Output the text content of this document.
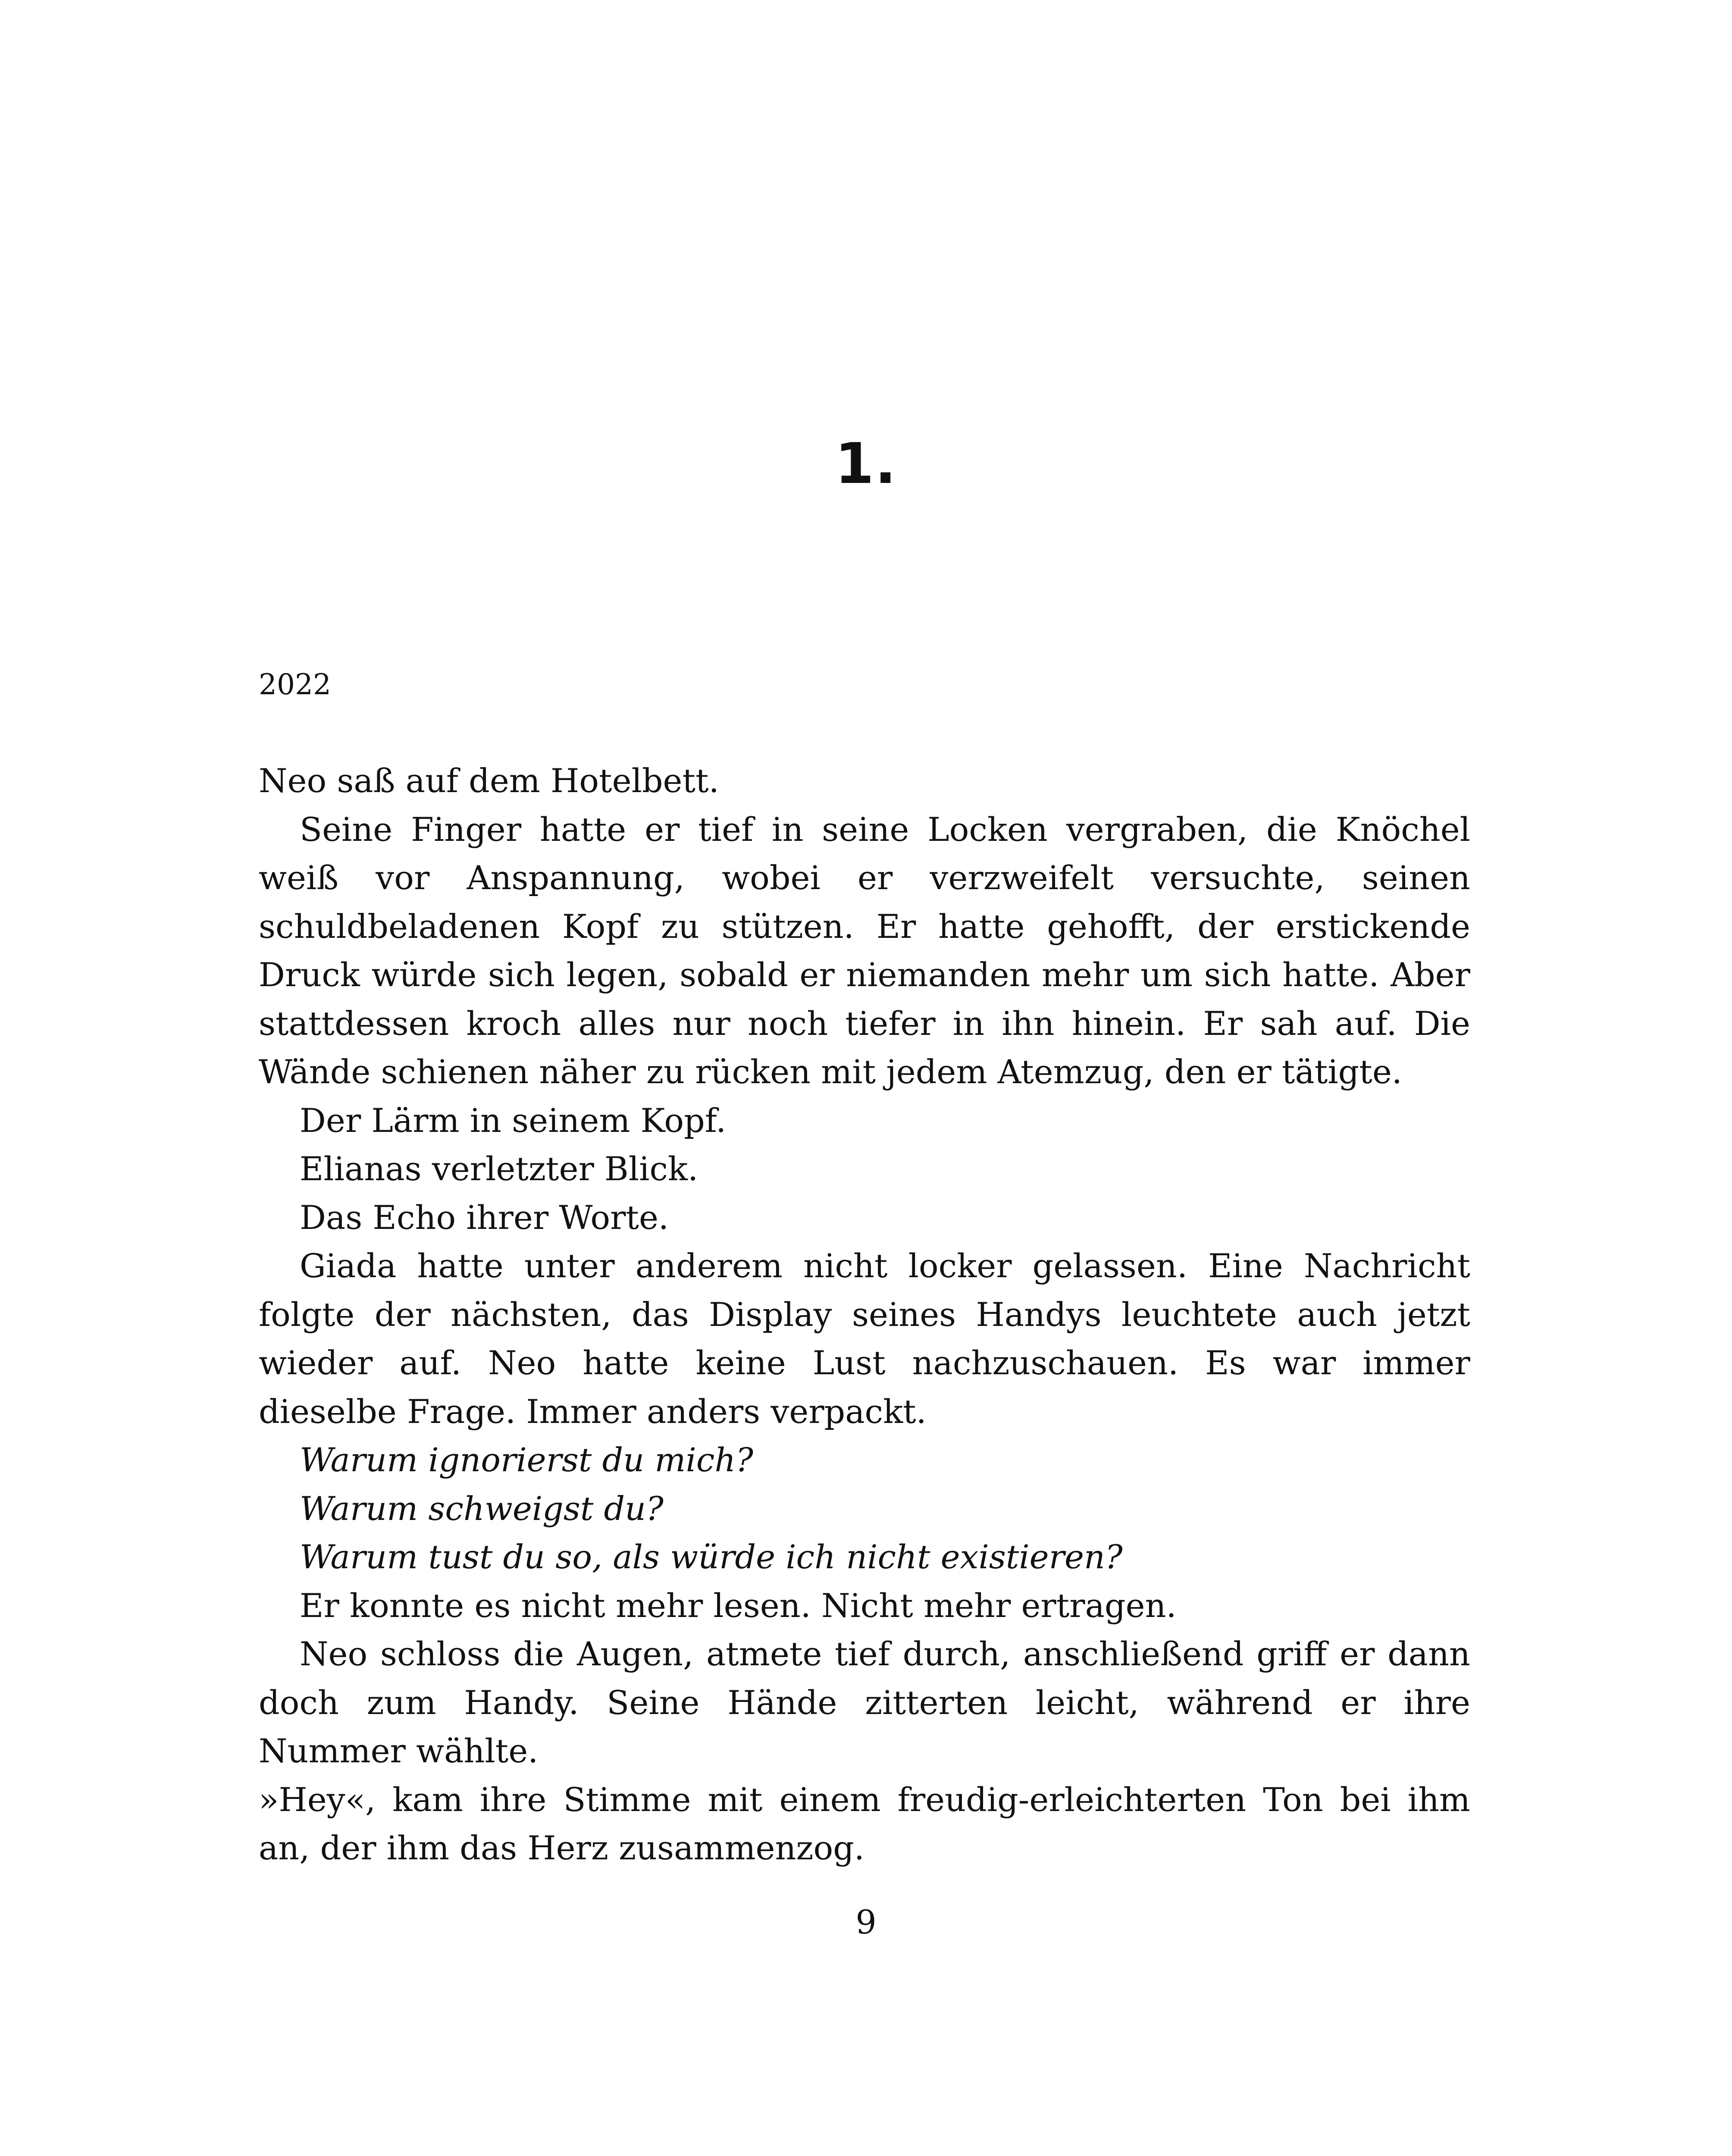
1.
2022

Neo saß auf dem Hotelbett.

Seine Finger hatte er tief in seine Locken vergraben, die Knöchel weiß vor Anspannung, wobei er verzweifelt versuchte, seinen schuldbeladenen Kopf zu stützen. Er hatte gehofft, der erstickende Druck würde sich legen, sobald er niemanden mehr um sich hatte. Aber stattdessen kroch alles nur noch tiefer in ihn hinein. Er sah auf. Die Wände schienen näher zu rücken mit jedem Atemzug, den er tätigte.

Der Lärm in seinem Kopf.

Elianas verletzter Blick.

Das Echo ihrer Worte.

Giada hatte unter anderem nicht locker gelassen. Eine Nachricht folgte der nächsten, das Display seines Handys leuchtete auch jetzt wieder auf. Neo hatte keine Lust nachzuschauen. Es war immer dieselbe Frage. Immer anders verpackt.

Warum ignorierst du mich?

Warum schweigst du?

Warum tust du so, als würde ich nicht existieren?

Er konnte es nicht mehr lesen. Nicht mehr ertragen.

Neo schloss die Augen, atmete tief durch, anschließend griff er dann doch zum Handy. Seine Hände zitterten leicht, während er ihre Nummer wählte.

»Hey«, kam ihre Stimme mit einem freudig-erleichterten Ton bei ihm an, der ihm das Herz zusammenzog.

9
